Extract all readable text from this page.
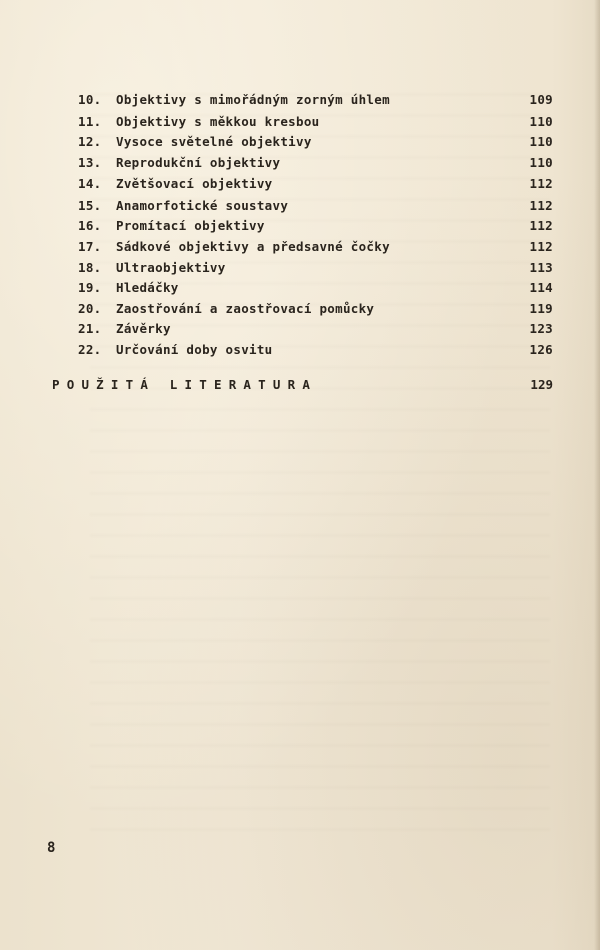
10.	Objektivy s mimořádným zorným úhlem	109
11.	Objektivy s měkkou kresbou	110
12.	Vysoce světelné objektivy	110
13.	Reprodukční objektivy	110
14.	Zvětšovací objektivy	112
15.	Anamorfotické soustavy	112
16.	Promítací objektivy	112
17.	Sádkové objektivy a předsavné čočky	112
18.	Ultraobjektivy	113
19.	Hledáčky	114
20.	Zaostřování a zaostřovací pomůcky	119
21.	Závěrky	123
22.	Určování doby osvitu	126
POUŽITÁ LITERATURA	129
8
